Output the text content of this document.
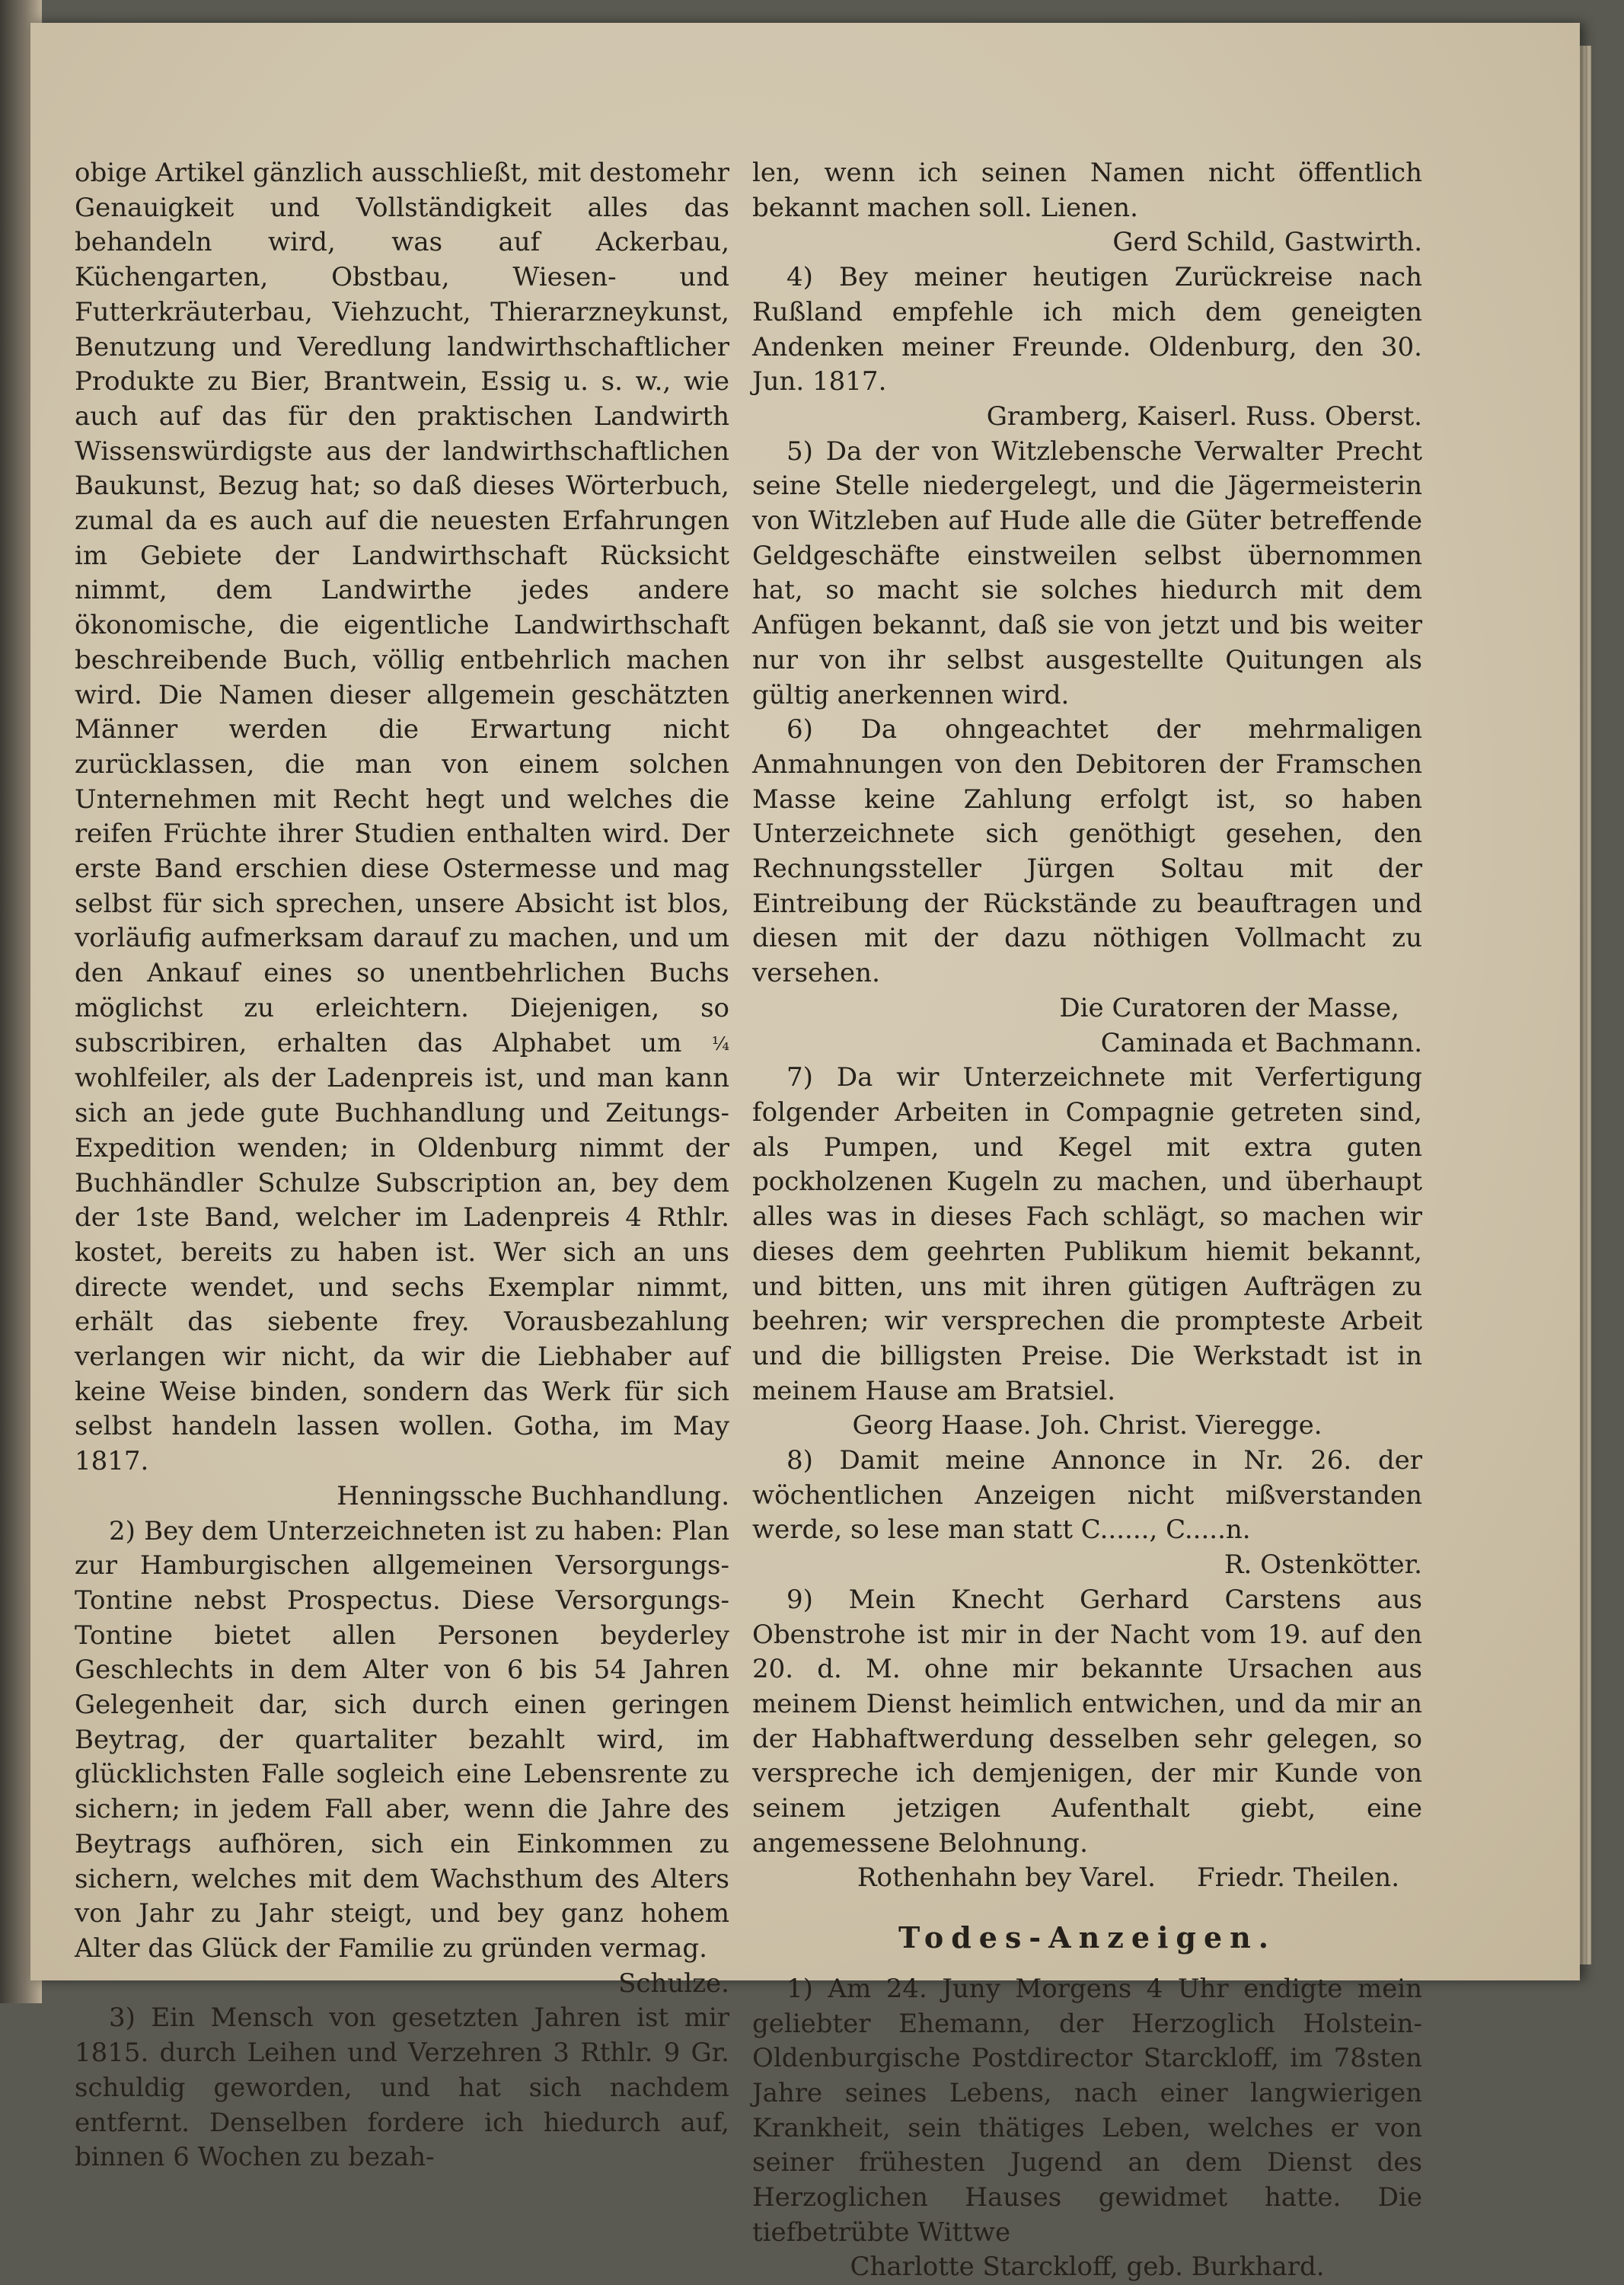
obige Artikel gänzlich ausschließt, mit destomehr Genauigkeit und Vollständigkeit alles das behandeln wird, was auf Ackerbau, Küchengarten, Obstbau, Wiesen- und Futterkräuterbau, Viehzucht, Thierarzneykunst, Benutzung und Veredlung landwirthschaftlicher Produkte zu Bier, Brantwein, Essig u. s. w., wie auch auf das für den praktischen Landwirth Wissenswürdigste aus der landwirthschaftlichen Baukunst, Bezug hat; so daß dieses Wörterbuch, zumal da es auch auf die neuesten Erfahrungen im Gebiete der Landwirthschaft Rücksicht nimmt, dem Landwirthe jedes andere ökonomische, die eigentliche Landwirthschaft beschreibende Buch, völlig entbehrlich machen wird. Die Namen dieser allgemein geschätzten Männer werden die Erwartung nicht zurücklassen, die man von einem solchen Unternehmen mit Recht hegt und welches die reifen Früchte ihrer Studien enthalten wird. Der erste Band erschien diese Ostermesse und mag selbst für sich sprechen, unsere Absicht ist blos, vorläufig aufmerksam darauf zu machen, und um den Ankauf eines so unentbehrlichen Buchs möglichst zu erleichtern. Diejenigen, so subscribiren, erhalten das Alphabet um ¼ wohlfeiler, als der Ladenpreis ist, und man kann sich an jede gute Buchhandlung und Zeitungs-Expedition wenden; in Oldenburg nimmt der Buchhändler Schulze Subscription an, bey dem der 1ste Band, welcher im Ladenpreis 4 Rthlr. kostet, bereits zu haben ist. Wer sich an uns directe wendet, und sechs Exemplar nimmt, erhält das siebente frey. Vorausbezahlung verlangen wir nicht, da wir die Liebhaber auf keine Weise binden, sondern das Werk für sich selbst handeln lassen wollen. Gotha, im May 1817.

Henningssche Buchhandlung.

2) Bey dem Unterzeichneten ist zu haben: Plan zur Hamburgischen allgemeinen Versorgungs-Tontine nebst Prospectus. Diese Versorgungs-Tontine bietet allen Personen beyderley Geschlechts in dem Alter von 6 bis 54 Jahren Gelegenheit dar, sich durch einen geringen Beytrag, der quartaliter bezahlt wird, im glücklichsten Falle sogleich eine Lebensrente zu sichern; in jedem Fall aber, wenn die Jahre des Beytrags aufhören, sich ein Einkommen zu sichern, welches mit dem Wachsthum des Alters von Jahr zu Jahr steigt, und bey ganz hohem Alter das Glück der Familie zu gründen vermag.

Schulze.

3) Ein Mensch von gesetzten Jahren ist mir 1815. durch Leihen und Verzehren 3 Rthlr. 9 Gr. schuldig geworden, und hat sich nachdem entfernt. Denselben fordere ich hiedurch auf, binnen 6 Wochen zu bezah-

len, wenn ich seinen Namen nicht öffentlich bekannt machen soll. Lienen.

Gerd Schild, Gastwirth.

4) Bey meiner heutigen Zurückreise nach Rußland empfehle ich mich dem geneigten Andenken meiner Freunde. Oldenburg, den 30. Jun. 1817.

Gramberg, Kaiserl. Russ. Oberst.

5) Da der von Witzlebensche Verwalter Precht seine Stelle niedergelegt, und die Jägermeisterin von Witzleben auf Hude alle die Güter betreffende Geldgeschäfte einstweilen selbst übernommen hat, so macht sie solches hiedurch mit dem Anfügen bekannt, daß sie von jetzt und bis weiter nur von ihr selbst ausgestellte Quitungen als gültig anerkennen wird.

6) Da ohngeachtet der mehrmaligen Anmahnungen von den Debitoren der Framschen Masse keine Zahlung erfolgt ist, so haben Unterzeichnete sich genöthigt gesehen, den Rechnungssteller Jürgen Soltau mit der Eintreibung der Rückstände zu beauftragen und diesen mit der dazu nöthigen Vollmacht zu versehen.

Die Curatoren der Masse,

Caminada et Bachmann.

7) Da wir Unterzeichnete mit Verfertigung folgender Arbeiten in Compagnie getreten sind, als Pumpen, und Kegel mit extra guten pockholzenen Kugeln zu machen, und überhaupt alles was in dieses Fach schlägt, so machen wir dieses dem geehrten Publikum hiemit bekannt, und bitten, uns mit ihren gütigen Aufträgen zu beehren; wir versprechen die prompteste Arbeit und die billigsten Preise. Die Werkstadt ist in meinem Hause am Bratsiel.

Georg Haase. Joh. Christ. Vieregge.

8) Damit meine Annonce in Nr. 26. der wöchentlichen Anzeigen nicht mißverstanden werde, so lese man statt C......, C.....n.

R. Ostenkötter.

9) Mein Knecht Gerhard Carstens aus Obenstrohe ist mir in der Nacht vom 19. auf den 20. d. M. ohne mir bekannte Ursachen aus meinem Dienst heimlich entwichen, und da mir an der Habhaftwerdung desselben sehr gelegen, so verspreche ich demjenigen, der mir Kunde von seinem jetzigen Aufenthalt giebt, eine angemessene Belohnung.

Rothenhahn bey Varel.     Friedr. Theilen.

Todes-Anzeigen.

1) Am 24. Juny Morgens 4 Uhr endigte mein geliebter Ehemann, der Herzoglich Holstein-Oldenburgische Postdirector Starckloff, im 78sten Jahre seines Lebens, nach einer langwierigen Krankheit, sein thätiges Leben, welches er von seiner frühesten Jugend an dem Dienst des Herzoglichen Hauses gewidmet hatte. Die tiefbetrübte Wittwe

Charlotte Starckloff, geb. Burkhard.
